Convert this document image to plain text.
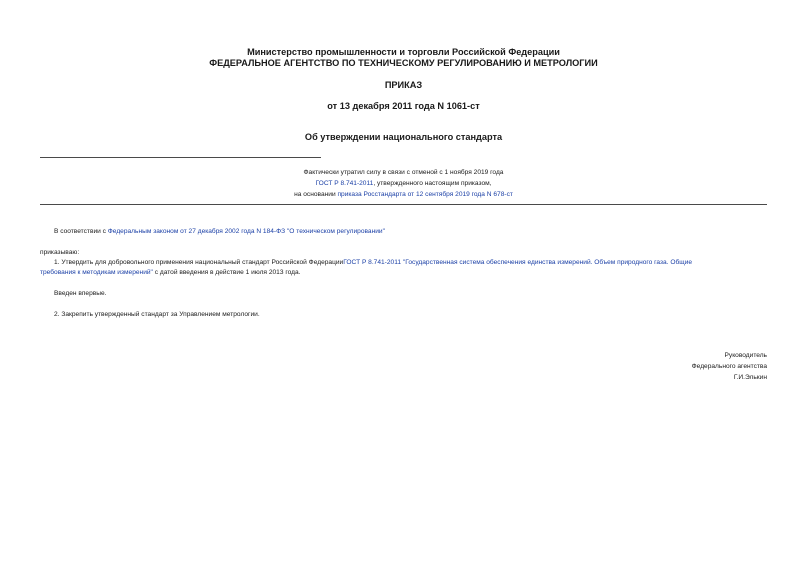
Министерство промышленности и торговли Российской Федерации
ФЕДЕРАЛЬНОЕ АГЕНТСТВО ПО ТЕХНИЧЕСКОМУ РЕГУЛИРОВАНИЮ И МЕТРОЛОГИИ
ПРИКАЗ
от 13 декабря 2011 года N 1061-ст
Об утверждении национального стандарта
Фактически утратил силу в связи с отменой с 1 ноября 2019 года
ГОСТ Р 8.741-2011, утвержденного настоящим приказом,
на основании приказа Росстандарта от 12 сентября 2019 года N 678-ст
В соответствии с Федеральным законом от 27 декабря 2002 года N 184-ФЗ "О техническом регулировании"
приказываю:
1. Утвердить для добровольного применения национальный стандарт Российской ФедерацииГОСТ Р 8.741-2011 "Государственная система обеспечения единства измерений. Объем природного газа. Общие
требования к методикам измерений" с датой введения в действие 1 июля 2013 года.
Введен впервые.
2. Закрепить утвержденный стандарт за Управлением метрологии.
Руководитель
Федерального агентства
Г.И.Элькин
